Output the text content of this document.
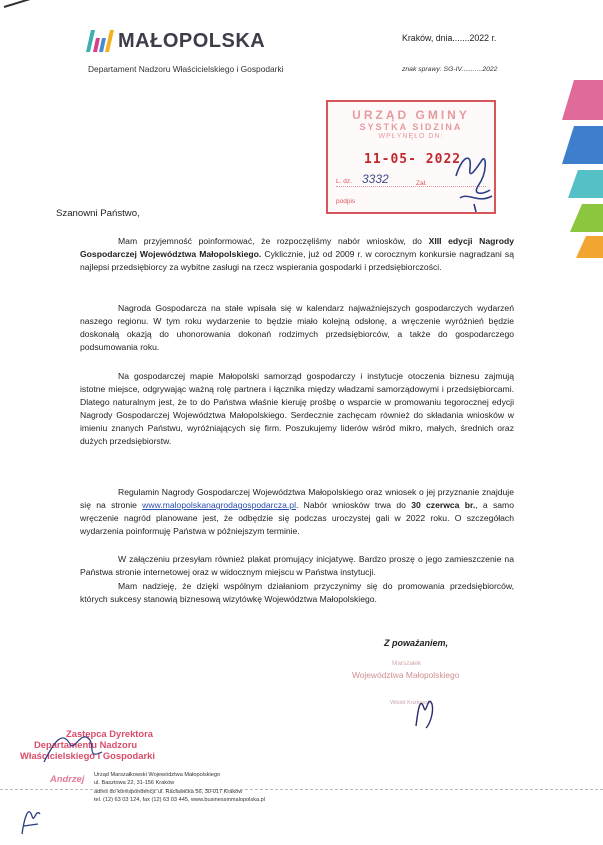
MAŁOPOLSKA
Departament Nadzoru Właścicielskiego i Gospodarki
Kraków, dnia.......2022 r.
znak sprawy: SG-IV...........2022
URZĄD GMINY
SYSTKA SIDZINA
WPŁYNĘŁO DN:
11-05- 2022
L. dz. 3332	Zał.
podpis
Szanowni Państwo,
Mam przyjemność poinformować, że rozpoczęliśmy nabór wniosków, do XIII edycji Nagrody Gospodarczej Województwa Małopolskiego. Cyklicznie, już od 2009 r. w corocznym konkursie nagradzani są najlepsi przedsiębiorcy za wybitne zasługi na rzecz wspierania gospodarki i przedsiębiorczości.
Nagroda Gospodarcza na stałe wpisała się w kalendarz najważniejszych gospodarczych wydarzeń naszego regionu. W tym roku wydarzenie to będzie miało kolejną odsłonę, a wręczenie wyróżnień będzie doskonałą okazją do uhonorowania dokonań rodzimych przedsiębiorców, a także do gospodarczego podsumowania roku.
Na gospodarczej mapie Małopolski samorząd gospodarczy i instytucje otoczenia biznesu zajmują istotne miejsce, odgrywając ważną rolę partnera i łącznika między władzami samorządowymi i przedsiębiorcami. Dlatego naturalnym jest, że to do Państwa właśnie kieruję prośbę o wsparcie w promowaniu tegorocznej edycji Nagrody Gospodarczej Województwa Małopolskiego. Serdecznie zachęcam również do składania wniosków w imieniu znanych Państwu, wyróżniających się firm. Poszukujemy liderów wśród mikro, małych, średnich oraz dużych przedsiębiorstw.
Regulamin Nagrody Gospodarczej Województwa Małopolskiego oraz wniosek o jej przyznanie znajduje się na stronie www.malopolskanagrodagospodarcza.pl. Nabór wniosków trwa do 30 czerwca br., a samo wręczenie nagród planowane jest, że odbędzie się podczas uroczystej gali w 2022 roku. O szczegółach wydarzenia poinformuję Państwa w późniejszym terminie.
W załączeniu przesyłam również plakat promujący inicjatywę. Bardzo proszę o jego zamieszczenie na Państwa stronie internetowej oraz w widocznym miejscu w Państwa instytucji.
Mam nadzieję, że dzięki wspólnym działaniom przyczynimy się do promowania przedsiębiorców, których sukcesy stanowią biznesową wizytówkę Województwa Małopolskiego.
Z poważaniem,
Marszałek
Województwa Małopolskiego
Witold Kozłowski
Zastępca Dyrektora
Departamentu Nadzoru
Właścicielskiego i Gospodarki
Andrzej Urząd Marszałkowski Województwa Małopolskiego
ul. Basztowa 22, 31-156 Kraków
adres do korespondencji: ul. Racławicka 56, 30-017 Kraków
tel. (12) 63 03 124, fax (12) 63 03 445, www.businessinmalopolska.pl
